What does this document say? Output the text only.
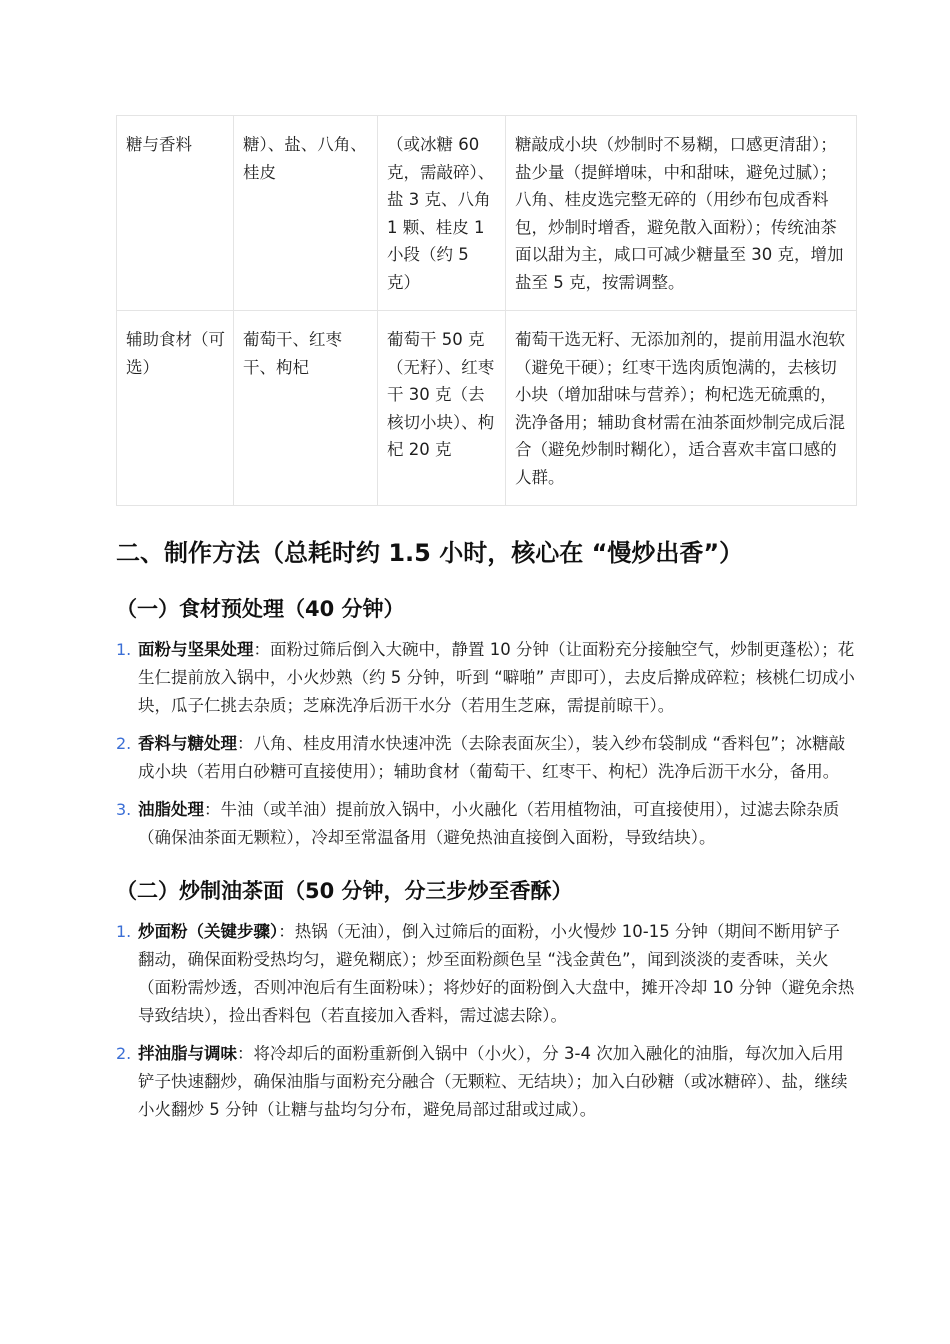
糖与香料	糖）、盐、八角、桂皮	（或冰糖 60 克，需敲碎）、盐 3 克、八角 1 颗、桂皮 1 小段（约 5 克）	糖敲成小块（炒制时不易糊，口感更清甜）；盐少量（提鲜增味，中和甜味，避免过腻）；八角、桂皮选完整无碎的（用纱布包成香料包，炒制时增香，避免散入面粉）；传统油茶面以甜为主，咸口可减少糖量至 30 克，增加盐至 5 克，按需调整。
辅助食材（可选）	葡萄干、红枣干、枸杞	葡萄干 50 克（无籽）、红枣干 30 克（去核切小块）、枸杞 20 克	葡萄干选无籽、无添加剂的，提前用温水泡软（避免干硬）；红枣干选肉质饱满的，去核切小块（增加甜味与营养）；枸杞选无硫熏的，洗净备用；辅助食材需在油茶面炒制完成后混合（避免炒制时糊化），适合喜欢丰富口感的人群。
二、制作方法（总耗时约 1.5 小时，核心在 “慢炒出香”）
（一）食材预处理（40 分钟）
1. 面粉与坚果处理：面粉过筛后倒入大碗中，静置 10 分钟（让面粉充分接触空气，炒制更蓬松）；花生仁提前放入锅中，小火炒熟（约 5 分钟，听到 “噼啪” 声即可），去皮后擀成碎粒；核桃仁切成小块，瓜子仁挑去杂质；芝麻洗净后沥干水分（若用生芝麻，需提前晾干）。
2. 香料与糖处理：八角、桂皮用清水快速冲洗（去除表面灰尘），装入纱布袋制成 “香料包”；冰糖敲成小块（若用白砂糖可直接使用）；辅助食材（葡萄干、红枣干、枸杞）洗净后沥干水分，备用。
3. 油脂处理：牛油（或羊油）提前放入锅中，小火融化（若用植物油，可直接使用），过滤去除杂质（确保油茶面无颗粒），冷却至常温备用（避免热油直接倒入面粉，导致结块）。
（二）炒制油茶面（50 分钟，分三步炒至香酥）
1. 炒面粉（关键步骤）：热锅（无油），倒入过筛后的面粉，小火慢炒 10-15 分钟（期间不断用铲子翻动，确保面粉受热均匀，避免糊底）；炒至面粉颜色呈 “浅金黄色”，闻到淡淡的麦香味，关火（面粉需炒透，否则冲泡后有生面粉味）；将炒好的面粉倒入大盘中，摊开冷却 10 分钟（避免余热导致结块），捡出香料包（若直接加入香料，需过滤去除）。
2. 拌油脂与调味：将冷却后的面粉重新倒入锅中（小火），分 3-4 次加入融化的油脂，每次加入后用铲子快速翻炒，确保油脂与面粉充分融合（无颗粒、无结块）；加入白砂糖（或冰糖碎）、盐，继续小火翻炒 5 分钟（让糖与盐均匀分布，避免局部过甜或过咸）。
